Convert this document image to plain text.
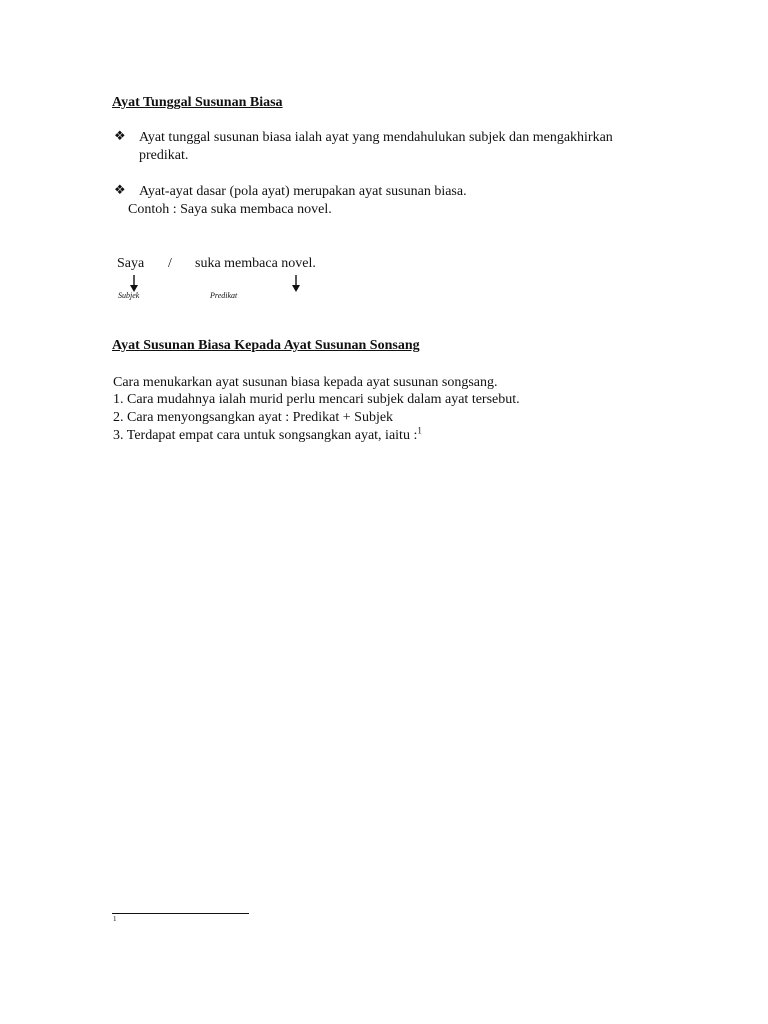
Ayat Tunggal Susunan Biasa
❖ Ayat tunggal susunan biasa ialah ayat yang mendahulukan subjek dan mengakhirkan
predikat.
❖ Ayat-ayat dasar (pola ayat) merupakan ayat susunan biasa.
Contoh : Saya suka membaca novel.
Saya / suka membaca novel.
Subjek	Predikat
Ayat Susunan Biasa Kepada Ayat Susunan Sonsang
Cara menukarkan ayat susunan biasa kepada ayat susunan songsang.
1. Cara mudahnya ialah murid perlu mencari subjek dalam ayat tersebut.
2. Cara menyongsangkan ayat : Predikat + Subjek
3. Terdapat empat cara untuk songsangkan ayat, iaitu :$^1$
1
